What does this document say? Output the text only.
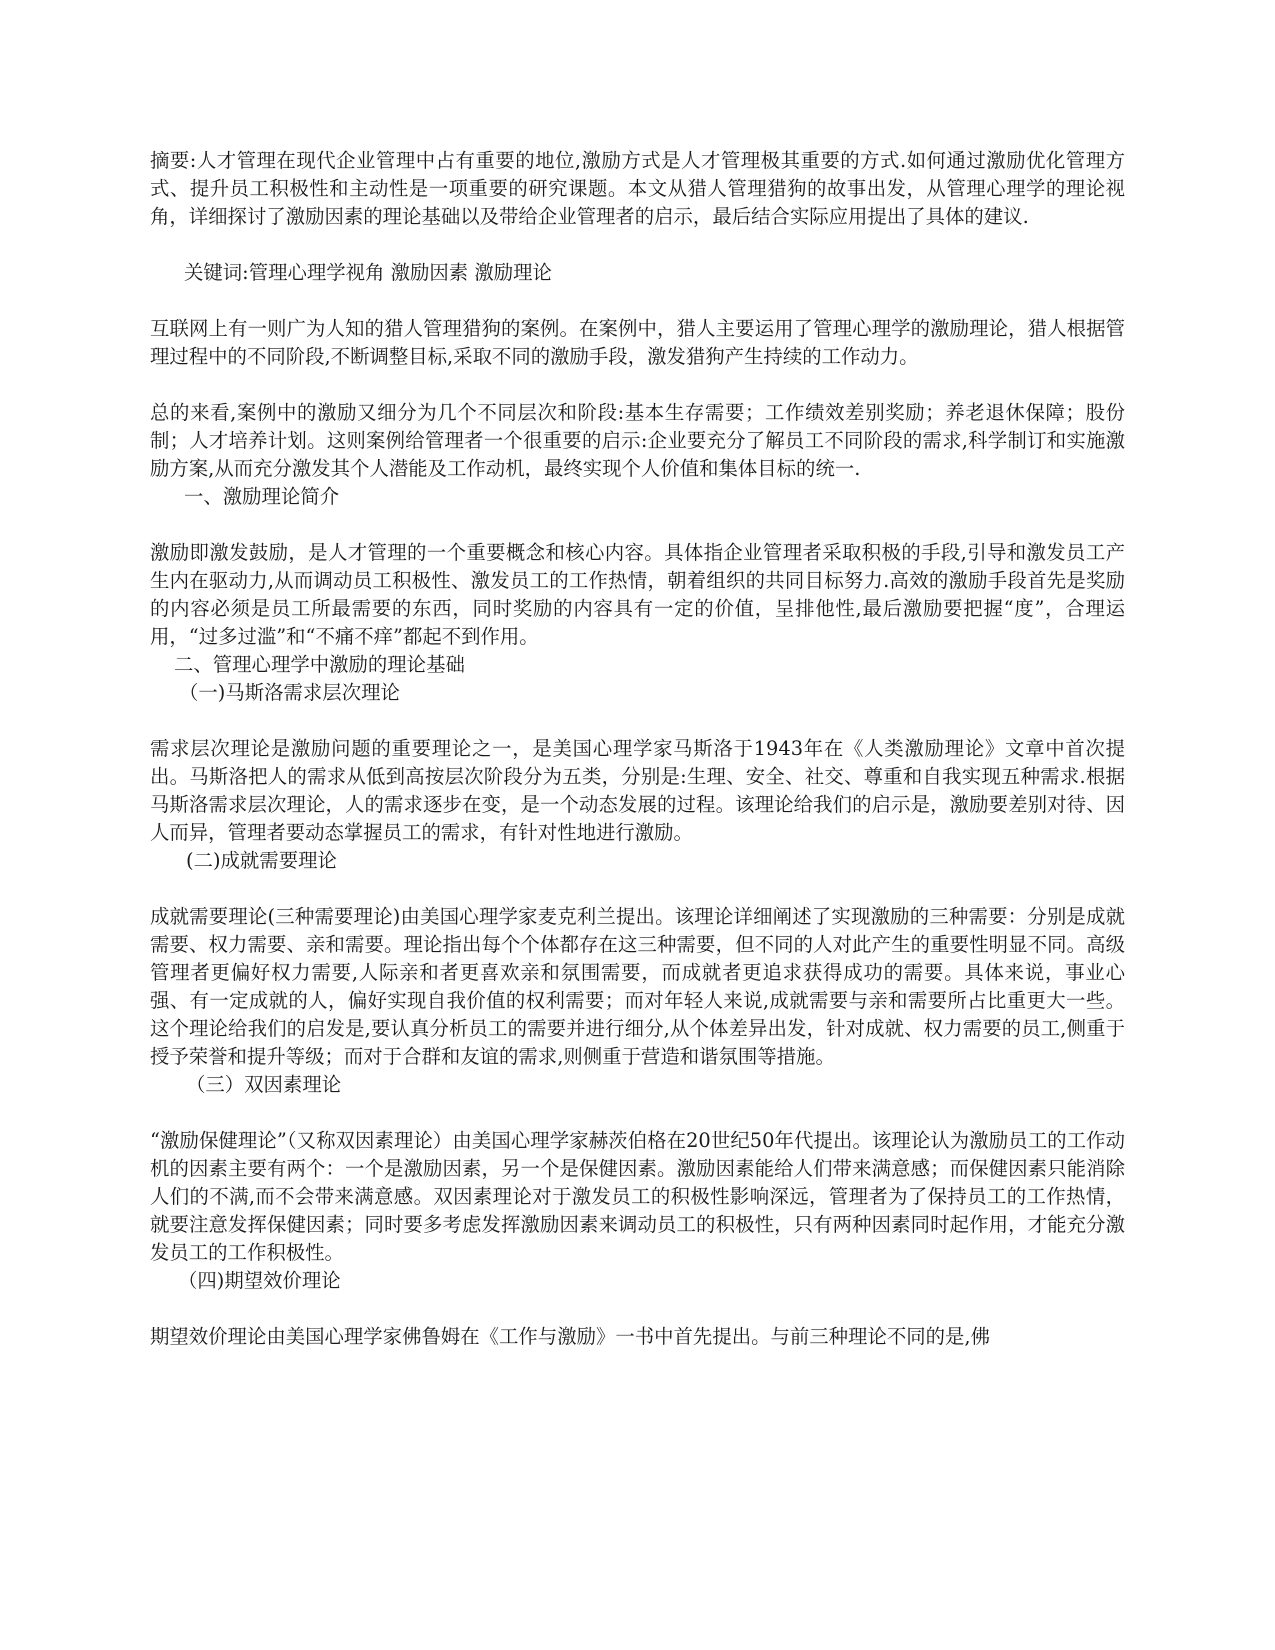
摘要:人才管理在现代企业管理中占有重要的地位,激励方式是人才管理极其重要的方式.如何通过激励优化管理方式、提升员工积极性和主动性是一项重要的研究课题。本文从猎人管理猎狗的故事出发，从管理心理学的理论视角，详细探讨了激励因素的理论基础以及带给企业管理者的启示，最后结合实际应用提出了具体的建议.

关键词:管理心理学视角 激励因素 激励理论

互联网上有一则广为人知的猎人管理猎狗的案例。在案例中，猎人主要运用了管理心理学的激励理论，猎人根据管理过程中的不同阶段,不断调整目标,采取不同的激励手段，激发猎狗产生持续的工作动力。

总的来看,案例中的激励又细分为几个不同层次和阶段:基本生存需要；工作绩效差别奖励；养老退休保障；股份制；人才培养计划。这则案例给管理者一个很重要的启示:企业要充分了解员工不同阶段的需求,科学制订和实施激励方案,从而充分激发其个人潜能及工作动机，最终实现个人价值和集体目标的统一.

一、激励理论简介

激励即激发鼓励，是人才管理的一个重要概念和核心内容。具体指企业管理者采取积极的手段,引导和激发员工产生内在驱动力,从而调动员工积极性、激发员工的工作热情，朝着组织的共同目标努力.高效的激励手段首先是奖励的内容必须是员工所最需要的东西，同时奖励的内容具有一定的价值，呈排他性,最后激励要把握“度”，合理运用，“过多过滥”和“不痛不痒”都起不到作用。

二、管理心理学中激励的理论基础

（一)马斯洛需求层次理论

需求层次理论是激励问题的重要理论之一，是美国心理学家马斯洛于1943年在《人类激励理论》文章中首次提出。马斯洛把人的需求从低到高按层次阶段分为五类，分别是:生理、安全、社交、尊重和自我实现五种需求.根据马斯洛需求层次理论，人的需求逐步在变，是一个动态发展的过程。该理论给我们的启示是，激励要差别对待、因人而异，管理者要动态掌握员工的需求，有针对性地进行激励。

(二)成就需要理论

成就需要理论(三种需要理论)由美国心理学家麦克利兰提出。该理论详细阐述了实现激励的三种需要：分别是成就需要、权力需要、亲和需要。理论指出每个个体都存在这三种需要，但不同的人对此产生的重要性明显不同。高级管理者更偏好权力需要,人际亲和者更喜欢亲和氛围需要，而成就者更追求获得成功的需要。具体来说，事业心强、有一定成就的人，偏好实现自我价值的权利需要；而对年轻人来说,成就需要与亲和需要所占比重更大一些。这个理论给我们的启发是,要认真分析员工的需要并进行细分,从个体差异出发，针对成就、权力需要的员工,侧重于授予荣誉和提升等级；而对于合群和友谊的需求,则侧重于营造和谐氛围等措施。

（三）双因素理论

“激励保健理论”（又称双因素理论）由美国心理学家赫茨伯格在20世纪50年代提出。该理论认为激励员工的工作动机的因素主要有两个：一个是激励因素，另一个是保健因素。激励因素能给人们带来满意感；而保健因素只能消除人们的不满,而不会带来满意感。双因素理论对于激发员工的积极性影响深远，管理者为了保持员工的工作热情，就要注意发挥保健因素；同时要多考虑发挥激励因素来调动员工的积极性，只有两种因素同时起作用，才能充分激发员工的工作积极性。

（四)期望效价理论

期望效价理论由美国心理学家佛鲁姆在《工作与激励》一书中首先提出。与前三种理论不同的是,佛
